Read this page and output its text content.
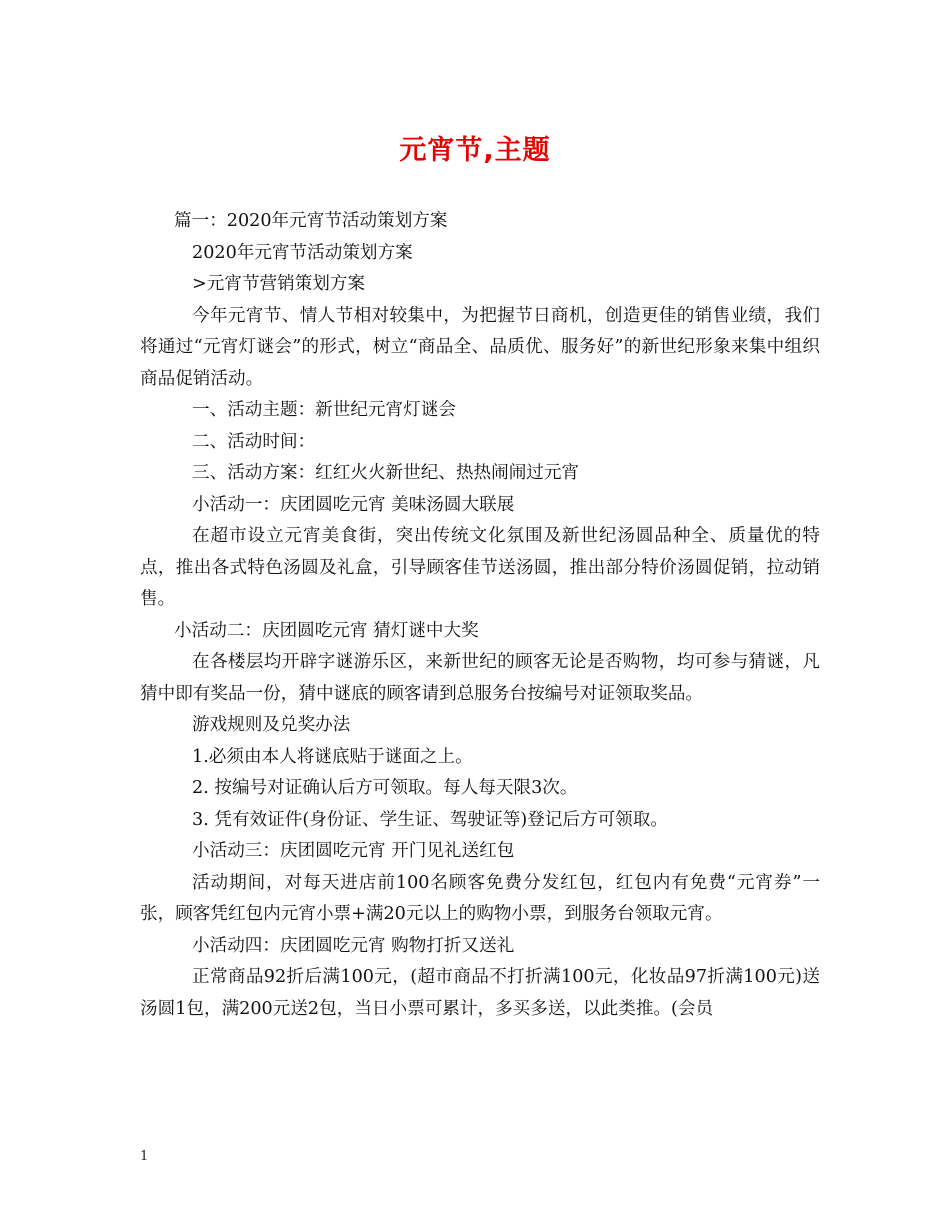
元宵节,主题

篇一：2020年元宵节活动策划方案

2020年元宵节活动策划方案

>元宵节营销策划方案

今年元宵节、情人节相对较集中，为把握节日商机，创造更佳的销售业绩，我们将通过“元宵灯谜会”的形式，树立“商品全、品质优、服务好”的新世纪形象来集中组织商品促销活动。

一、活动主题：新世纪元宵灯谜会

二、活动时间：

三、活动方案：红红火火新世纪、热热闹闹过元宵

小活动一：庆团圆吃元宵 美味汤圆大联展

在超市设立元宵美食街，突出传统文化氛围及新世纪汤圆品种全、质量优的特点，推出各式特色汤圆及礼盒，引导顾客佳节送汤圆，推出部分特价汤圆促销，拉动销售。

小活动二：庆团圆吃元宵 猜灯谜中大奖

在各楼层均开辟字谜游乐区，来新世纪的顾客无论是否购物，均可参与猜谜，凡猜中即有奖品一份，猜中谜底的顾客请到总服务台按编号对证领取奖品。

游戏规则及兑奖办法

1.必须由本人将谜底贴于谜面之上。

2. 按编号对证确认后方可领取。每人每天限3次。

3. 凭有效证件(身份证、学生证、驾驶证等)登记后方可领取。

小活动三：庆团圆吃元宵 开门见礼送红包

活动期间，对每天进店前100名顾客免费分发红包，红包内有免费“元宵券”一张，顾客凭红包内元宵小票+满20元以上的购物小票，到服务台领取元宵。

小活动四：庆团圆吃元宵 购物打折又送礼

正常商品92折后满100元，(超市商品不打折满100元，化妆品97折满100元)送汤圆1包，满200元送2包，当日小票可累计，多买多送，以此类推。(会员

1
